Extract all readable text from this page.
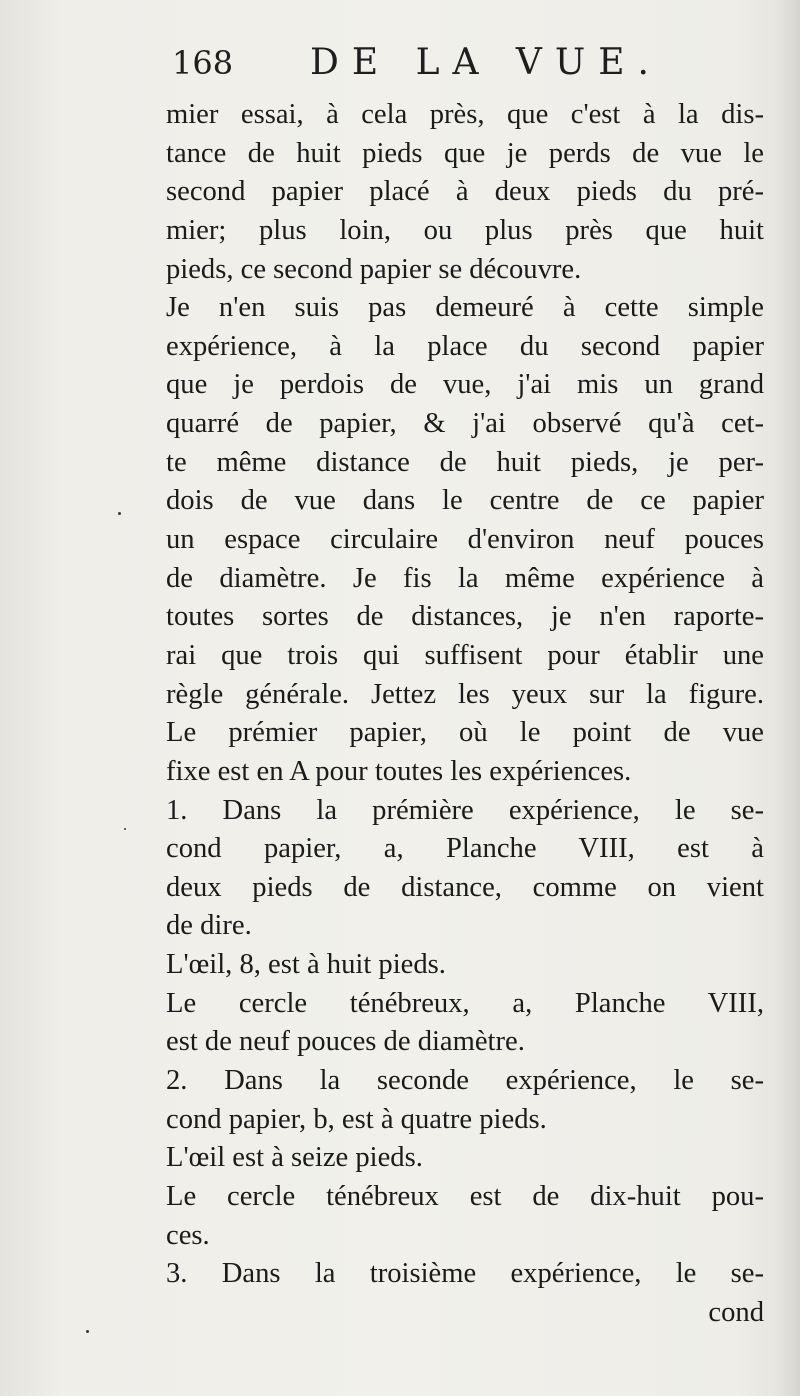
168 DE LA VUE.
mier essai, à cela près, que c'est à la dis-
tance de huit pieds que je perds de vue le
second papier placé à deux pieds du pré-
mier; plus loin, ou plus près que huit
pieds, ce second papier se découvre.
Je n'en suis pas demeuré à cette simple
expérience, à la place du second papier
que je perdois de vue, j'ai mis un grand
quarré de papier, & j'ai observé qu'à cet-
te même distance de huit pieds, je per-
dois de vue dans le centre de ce papier
un espace circulaire d'environ neuf pouces
de diamètre. Je fis la même expérience à
toutes sortes de distances, je n'en raporte-
rai que trois qui suffisent pour établir une
règle générale. Jettez les yeux sur la figure.
Le prémier papier, où le point de vue
fixe est en A pour toutes les expériences.
1. Dans la prémière expérience, le se-
cond papier, a, Planche VIII, est à
deux pieds de distance, comme on vient
de dire.
L'œil, 8, est à huit pieds.
Le cercle ténébreux, a, Planche VIII,
est de neuf pouces de diamètre.
2. Dans la seconde expérience, le se-
cond papier, b, est à quatre pieds.
L'œil est à seize pieds.
Le cercle ténébreux est de dix-huit pou-
ces.
3. Dans la troisième expérience, le se-
cond
